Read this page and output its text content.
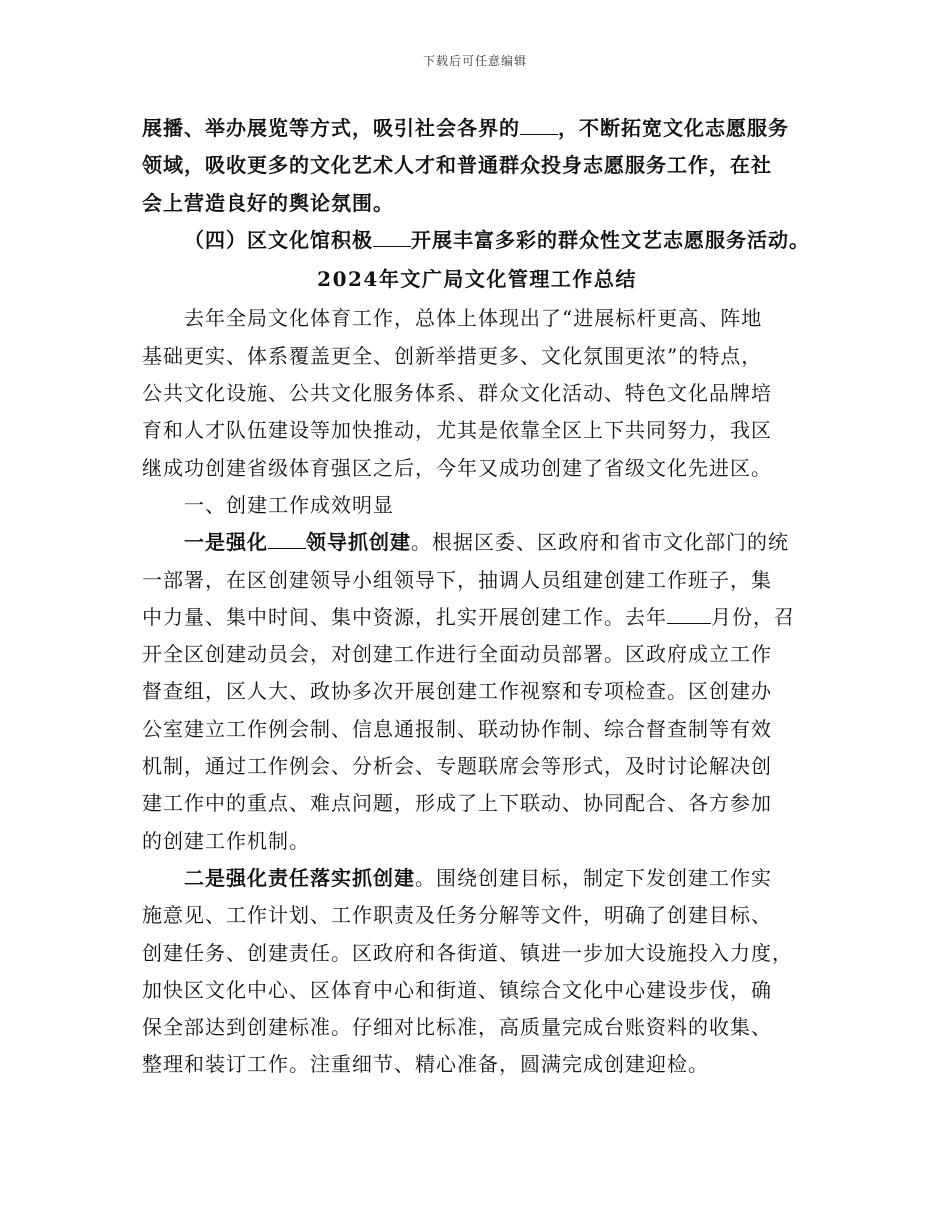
下载后可任意编辑
展播、举办展览等方式，吸引社会各界的 ，不断拓宽文化志愿服务
领域，吸收更多的文化艺术人才和普通群众投身志愿服务工作，在社
会上营造良好的舆论氛围。
（四）区文化馆积极 开展丰富多彩的群众性文艺志愿服务活动。
2024年文广局文化管理工作总结
去年全局文化体育工作，总体上体现出了“进展标杆更高、阵地
基础更实、体系覆盖更全、创新举措更多、文化氛围更浓”的特点，
公共文化设施、公共文化服务体系、群众文化活动、特色文化品牌培
育和人才队伍建设等加快推动，尤其是依靠全区上下共同努力，我区
继成功创建省级体育强区之后，今年又成功创建了省级文化先进区。
一、创建工作成效明显
一是强化 领导抓创建。根据区委、区政府和省市文化部门的统
一部署，在区创建领导小组领导下，抽调人员组建创建工作班子，集
中力量、集中时间、集中资源，扎实开展创建工作。去年 月份，召
开全区创建动员会，对创建工作进行全面动员部署。区政府成立工作
督查组，区人大、政协多次开展创建工作视察和专项检查。区创建办
公室建立工作例会制、信息通报制、联动协作制、综合督查制等有效
机制，通过工作例会、分析会、专题联席会等形式，及时讨论解决创
建工作中的重点、难点问题，形成了上下联动、协同配合、各方参加
的创建工作机制。
二是强化责任落实抓创建。围绕创建目标，制定下发创建工作实
施意见、工作计划、工作职责及任务分解等文件，明确了创建目标、
创建任务、创建责任。区政府和各街道、镇进一步加大设施投入力度，
加快区文化中心、区体育中心和街道、镇综合文化中心建设步伐，确
保全部达到创建标准。仔细对比标准，高质量完成台账资料的收集、
整理和装订工作。注重细节、精心准备，圆满完成创建迎检。
